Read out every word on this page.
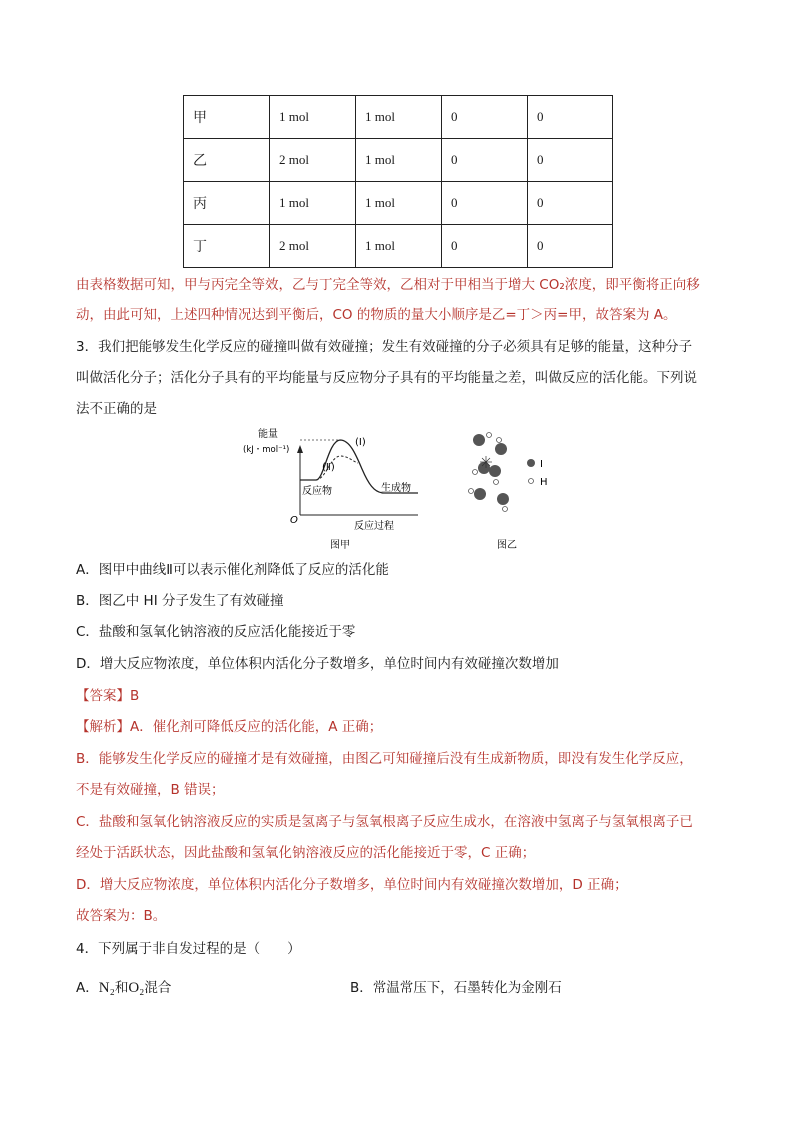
甲	1 mol	1 mol	0	0
乙	2 mol	1 mol	0	0
丙	1 mol	1 mol	0	0
丁	2 mol	1 mol	0	0
由表格数据可知，甲与丙完全等效，乙与丁完全等效，乙相对于甲相当于增大 CO₂浓度，即平衡将正向移
动，由此可知，上述四种情况达到平衡后，CO 的物质的量大小顺序是乙=丁＞丙=甲，故答案为 A。
3．我们把能够发生化学反应的碰撞叫做有效碰撞；发生有效碰撞的分子必须具有足够的能量，这种分子
叫做活化分子；活化分子具有的平均能量与反应物分子具有的平均能量之差，叫做反应的活化能。下列说
法不正确的是
能量
(kJ・mol⁻¹)
(Ⅰ)
(Ⅱ)
反应物	生成物
O
反应过程
图甲
I
H
图乙
A．图甲中曲线Ⅱ可以表示催化剂降低了反应的活化能
B．图乙中 HI 分子发生了有效碰撞
C．盐酸和氢氧化钠溶液的反应活化能接近于零
D．增大反应物浓度，单位体积内活化分子数增多，单位时间内有效碰撞次数增加
【答案】B
【解析】A．催化剂可降低反应的活化能，A 正确；
B．能够发生化学反应的碰撞才是有效碰撞，由图乙可知碰撞后没有生成新物质，即没有发生化学反应，
不是有效碰撞，B 错误；
C．盐酸和氢氧化钠溶液反应的实质是氢离子与氢氧根离子反应生成水，在溶液中氢离子与氢氧根离子已
经处于活跃状态，因此盐酸和氢氧化钠溶液反应的活化能接近于零，C 正确；
D．增大反应物浓度，单位体积内活化分子数增多，单位时间内有效碰撞次数增加，D 正确；
故答案为：B。
4．下列属于非自发过程的是（　　）
A．N₂和O₂混合	B．常温常压下，石墨转化为金刚石
